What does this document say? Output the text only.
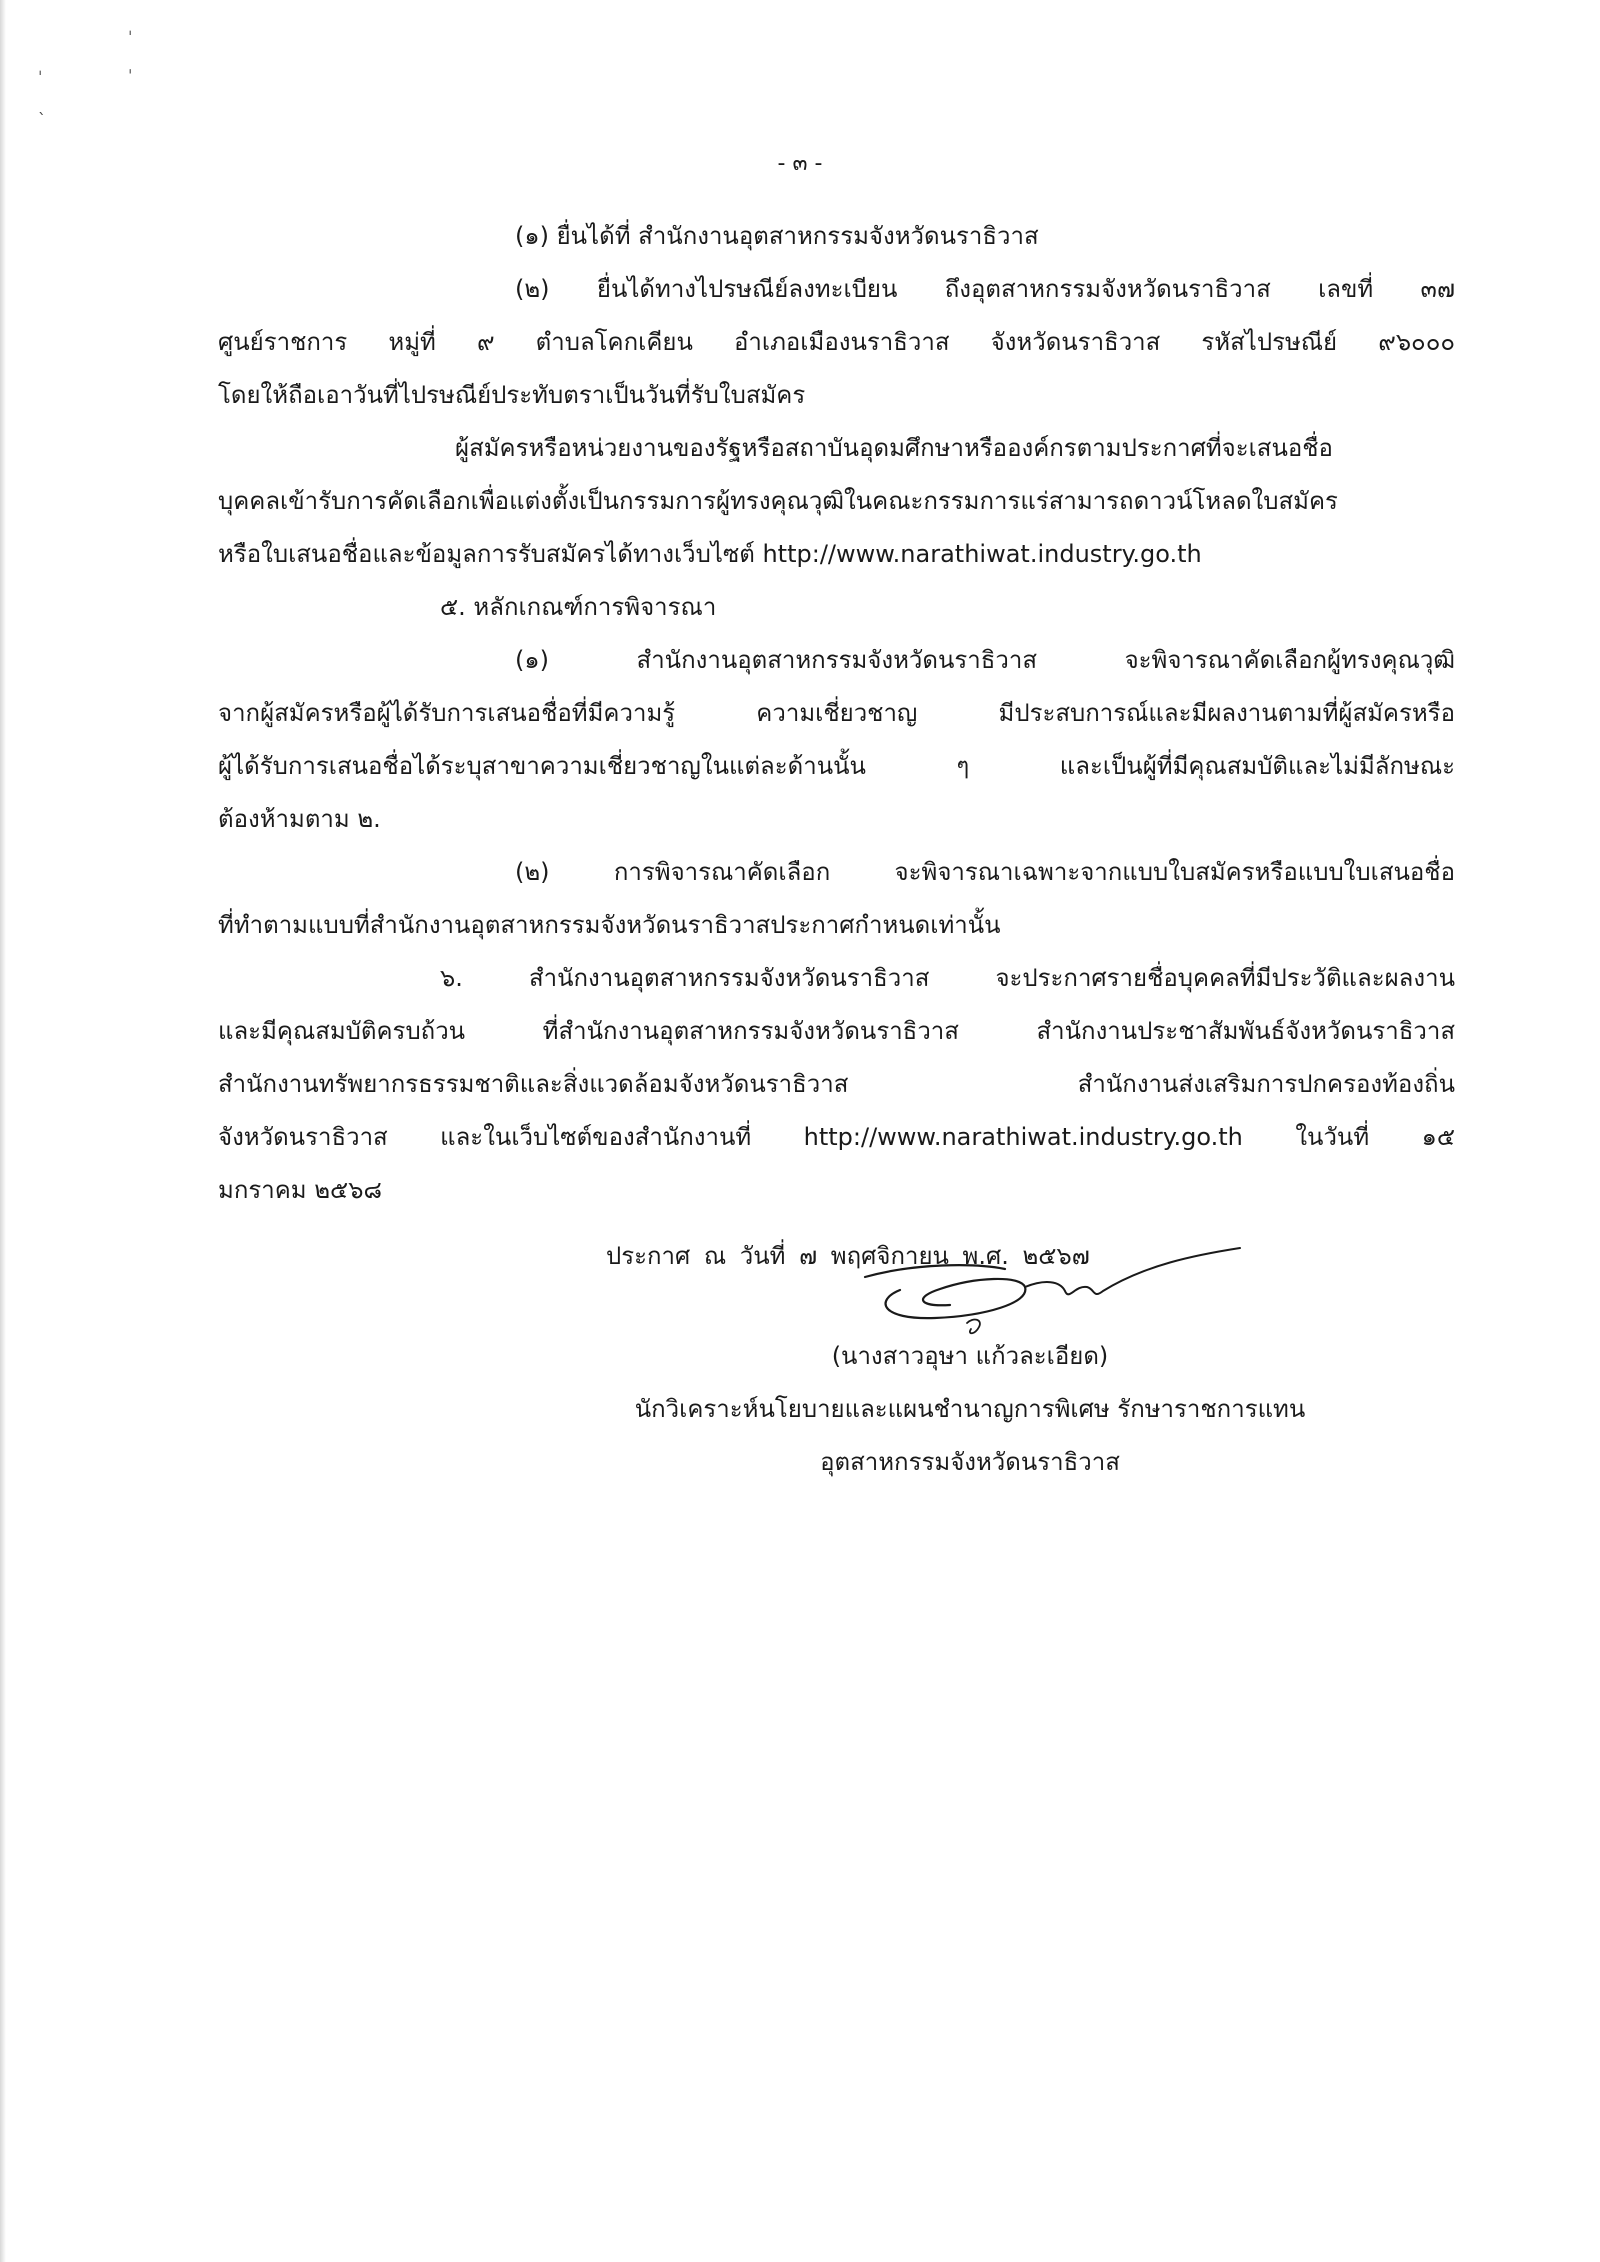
ˈ
ˌ
ˈ
ˋ
- ๓ -
(๑) ยื่นได้ที่ สำนักงานอุตสาหกรรมจังหวัดนราธิวาส
(๒) ยื่นได้ทางไปรษณีย์ลงทะเบียน ถึงอุตสาหกรรมจังหวัดนราธิวาส เลขที่ ๓๗
ศูนย์ราชการ หมู่ที่ ๙ ตำบลโคกเคียน อำเภอเมืองนราธิวาส จังหวัดนราธิวาส รหัสไปรษณีย์ ๙๖๐๐๐
โดยให้ถือเอาวันที่ไปรษณีย์ประทับตราเป็นวันที่รับใบสมัคร
ผู้สมัครหรือหน่วยงานของรัฐหรือสถาบันอุดมศึกษาหรือองค์กรตามประกาศที่จะเสนอชื่อ
บุคคลเข้ารับการคัดเลือกเพื่อแต่งตั้งเป็นกรรมการผู้ทรงคุณวุฒิในคณะกรรมการแร่สามารถดาวน์โหลดใบสมัคร
หรือใบเสนอชื่อและข้อมูลการรับสมัครได้ทางเว็บไซต์ http://www.narathiwat.industry.go.th
๕. หลักเกณฑ์การพิจารณา
(๑) สำนักงานอุตสาหกรรมจังหวัดนราธิวาส จะพิจารณาคัดเลือกผู้ทรงคุณวุฒิ
จากผู้สมัครหรือผู้ได้รับการเสนอชื่อที่มีความรู้ ความเชี่ยวชาญ มีประสบการณ์และมีผลงานตามที่ผู้สมัครหรือ
ผู้ได้รับการเสนอชื่อได้ระบุสาขาความเชี่ยวชาญในแต่ละด้านนั้น ๆ และเป็นผู้ที่มีคุณสมบัติและไม่มีลักษณะ
ต้องห้ามตาม ๒.
(๒) การพิจารณาคัดเลือก จะพิจารณาเฉพาะจากแบบใบสมัครหรือแบบใบเสนอชื่อ
ที่ทำตามแบบที่สำนักงานอุตสาหกรรมจังหวัดนราธิวาสประกาศกำหนดเท่านั้น
๖. สำนักงานอุตสาหกรรมจังหวัดนราธิวาส จะประกาศรายชื่อบุคคลที่มีประวัติและผลงาน
และมีคุณสมบัติครบถ้วน ที่สำนักงานอุตสาหกรรมจังหวัดนราธิวาส สำนักงานประชาสัมพันธ์จังหวัดนราธิวาส
สำนักงานทรัพยากรธรรมชาติและสิ่งแวดล้อมจังหวัดนราธิวาส สำนักงานส่งเสริมการปกครองท้องถิ่น
จังหวัดนราธิวาส และในเว็บไซต์ของสำนักงานที่ http://www.narathiwat.industry.go.th ในวันที่ ๑๕
มกราคม ๒๕๖๘
ประกาศ ณ วันที่ ๗ พฤศจิกายน พ.ศ. ๒๕๖๗
(นางสาวอุษา แก้วละเอียด)
นักวิเคราะห์นโยบายและแผนชำนาญการพิเศษ รักษาราชการแทน
อุตสาหกรรมจังหวัดนราธิวาส
